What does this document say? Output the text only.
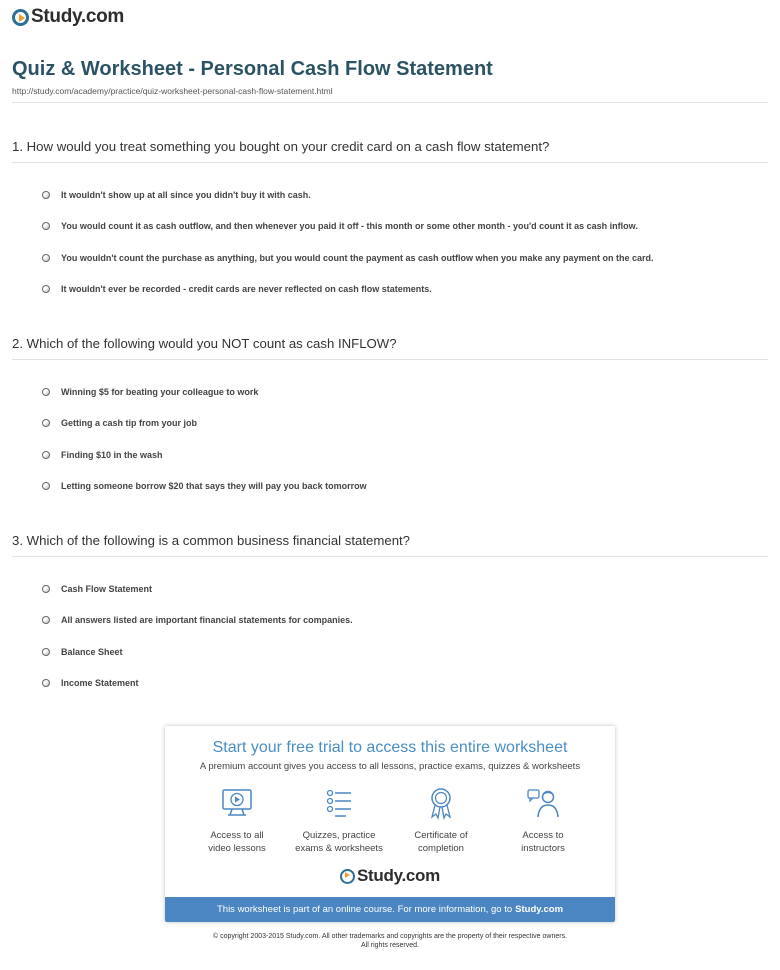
Study.com
Quiz & Worksheet - Personal Cash Flow Statement
http://study.com/academy/practice/quiz-worksheet-personal-cash-flow-statement.html
1. How would you treat something you bought on your credit card on a cash flow statement?
It wouldn't show up at all since you didn't buy it with cash.
You would count it as cash outflow, and then whenever you paid it off - this month or some other month - you'd count it as cash inflow.
You wouldn't count the purchase as anything, but you would count the payment as cash outflow when you make any payment on the card.
It wouldn't ever be recorded - credit cards are never reflected on cash flow statements.
2. Which of the following would you NOT count as cash INFLOW?
Winning $5 for beating your colleague to work
Getting a cash tip from your job
Finding $10 in the wash
Letting someone borrow $20 that says they will pay you back tomorrow
3. Which of the following is a common business financial statement?
Cash Flow Statement
All answers listed are important financial statements for companies.
Balance Sheet
Income Statement
Start your free trial to access this entire worksheet
A premium account gives you access to all lessons, practice exams, quizzes & worksheets
Access to all
video lessons
Quizzes, practice
exams & worksheets
Certificate of
completion
Access to
instructors
Study.com
This worksheet is part of an online course. For more information, go to Study.com
© copyright 2003-2015 Study.com. All other trademarks and copyrights are the property of their respective owners.
All rights reserved.
